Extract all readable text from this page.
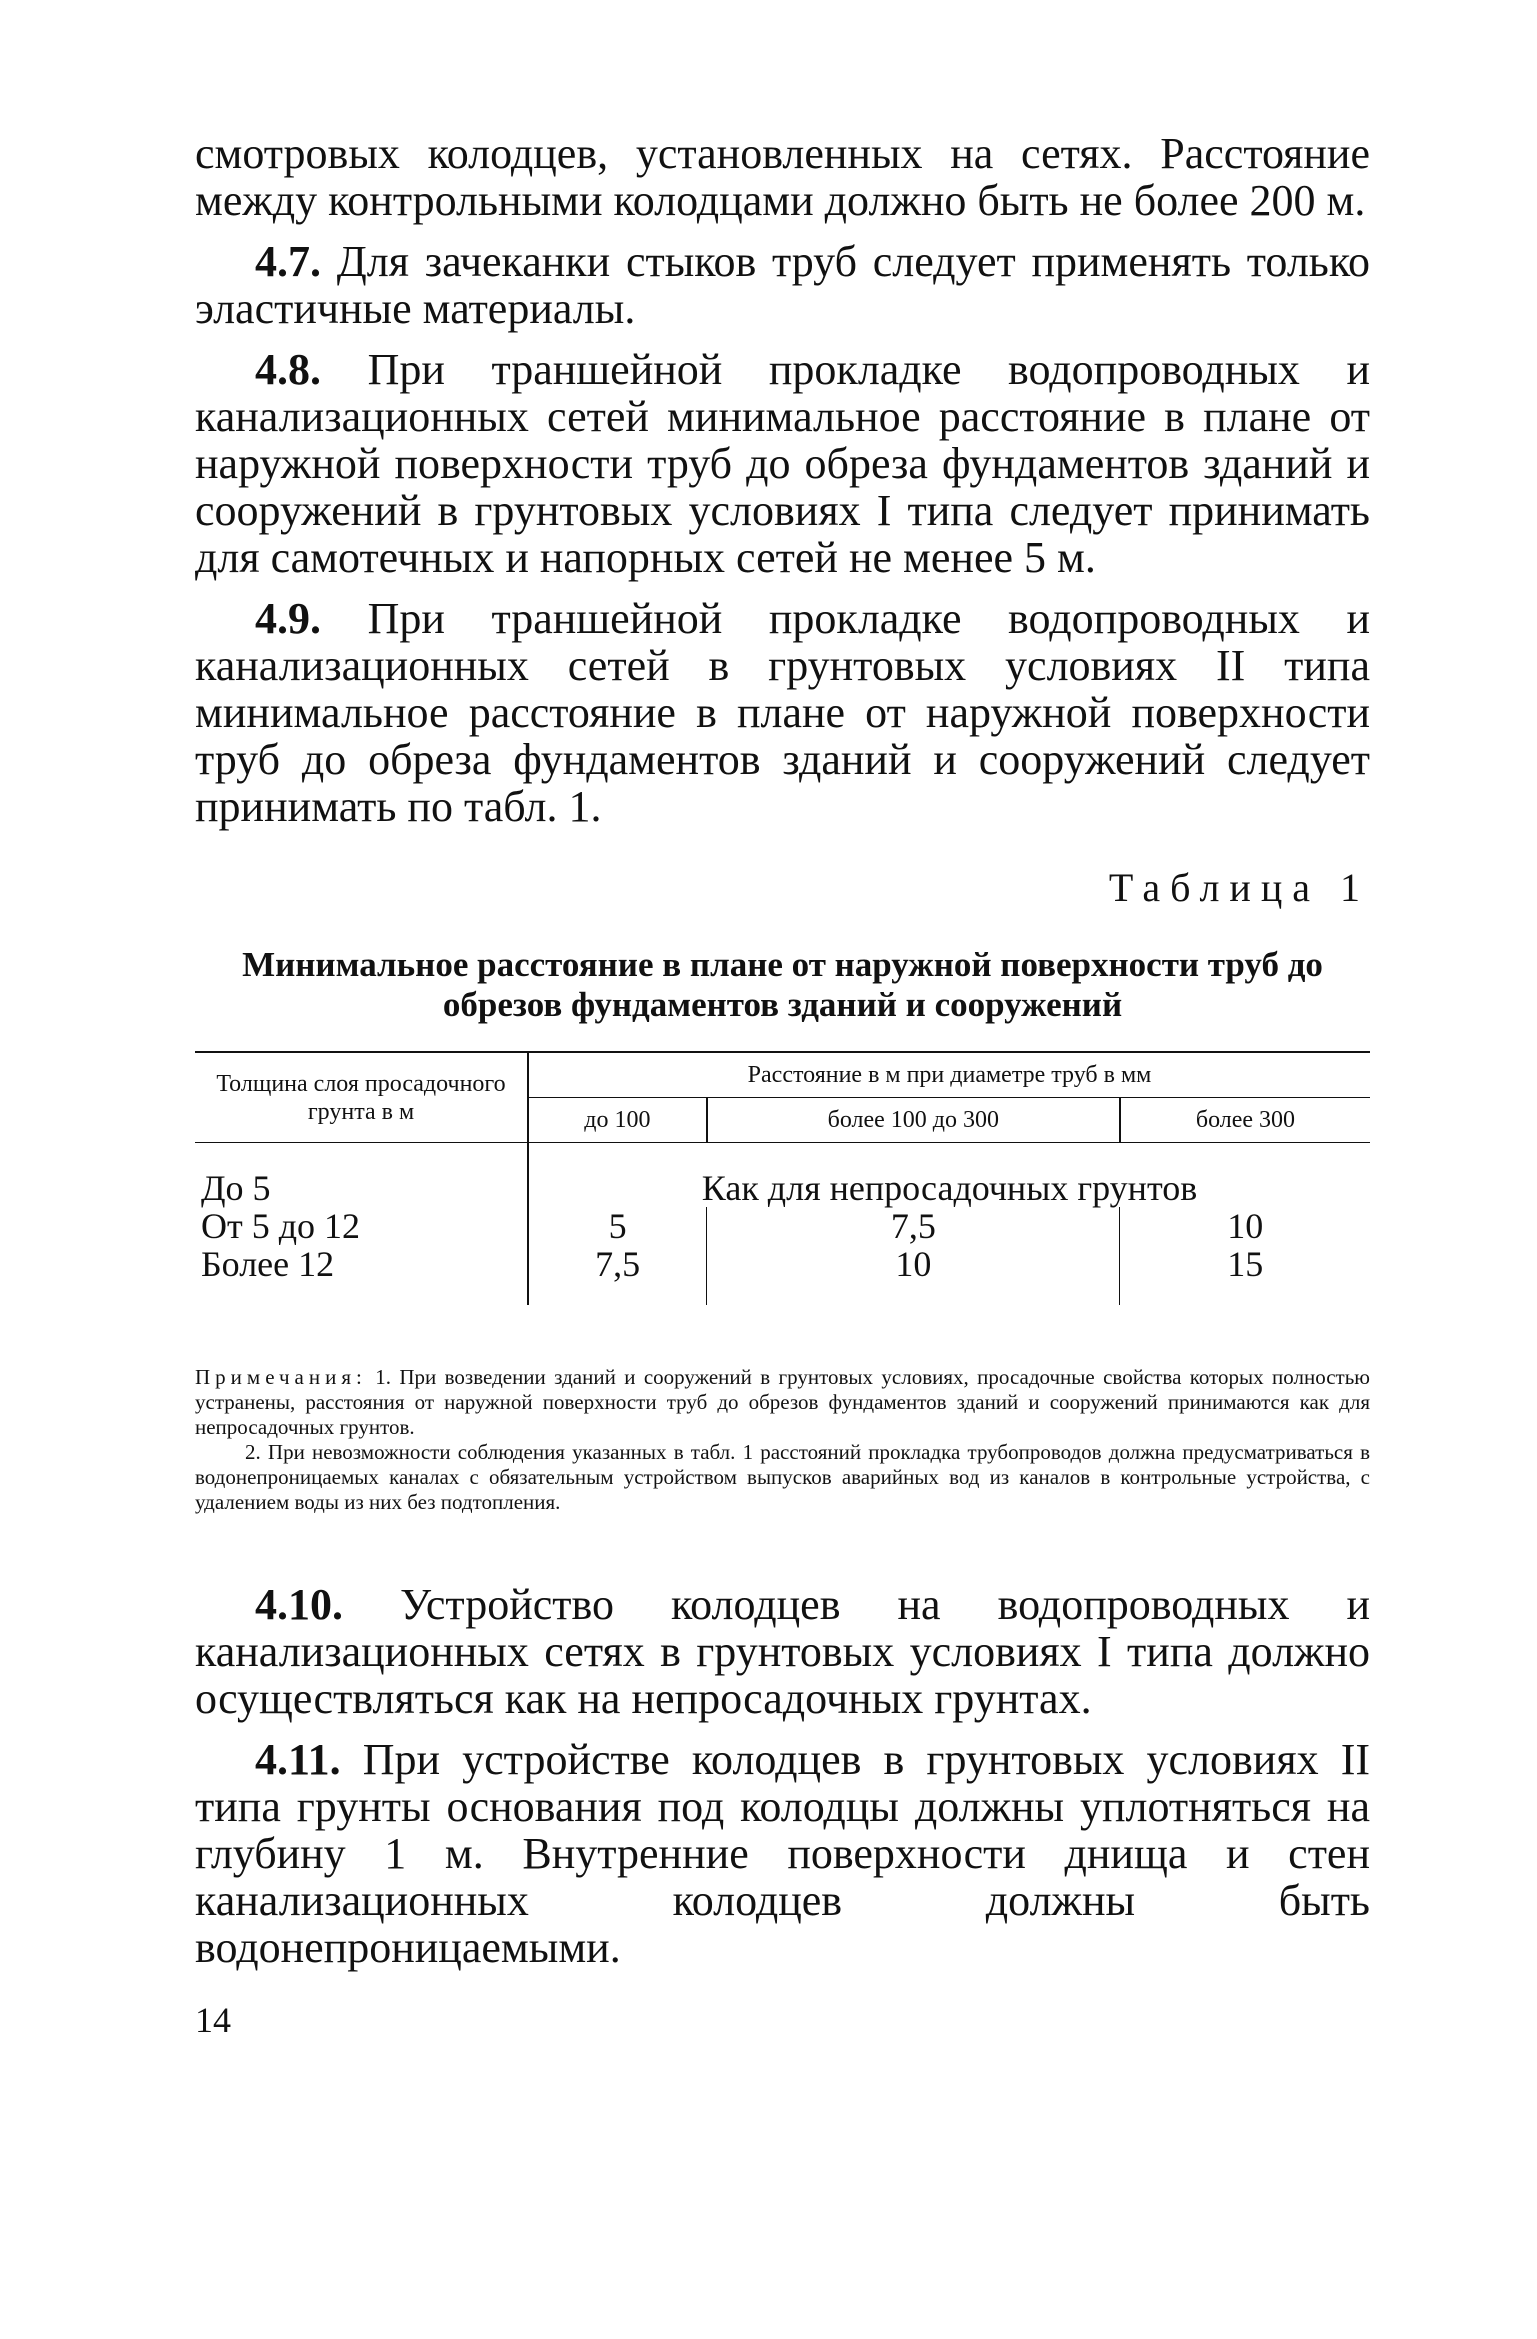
смотровых колодцев, установленных на сетях. Расстояние между контрольными колодцами должно быть не более 200 м.

4.7. Для зачеканки стыков труб следует применять только эластичные материалы.

4.8. При траншейной прокладке водопроводных и канализационных сетей минимальное расстояние в плане от наружной поверхности труб до обреза фундаментов зданий и сооружений в грунтовых условиях I типа следует принимать для самотечных и напорных сетей не менее 5 м.

4.9. При траншейной прокладке водопроводных и канализационных сетей в грунтовых условиях II типа минимальное расстояние в плане от наружной поверхности труб до обреза фундаментов зданий и сооружений следует принимать по табл. 1.

Таблица 1
Минимальное расстояние в плане от наружной поверхности труб до обрезов фундаментов зданий и сооружений
Толщина слоя просадочного грунта в м	Расстояние в м при диаметре труб в мм		
	до 100	более 100 до 300	более 300
До 5	Как для непросадочных грунтов		
От 5 до 12	5	7,5	10
Более 12	7,5	10	15

Примечания: 1. При возведении зданий и сооружений в грунтовых условиях, просадочные свойства которых полностью устранены, расстояния от наружной поверхности труб до обрезов фундаментов зданий и сооружений принимаются как для непросадочных грунтов.

2. При невозможности соблюдения указанных в табл. 1 расстояний прокладка трубопроводов должна предусматриваться в водонепроницаемых каналах с обязательным устройством выпусков аварийных вод из каналов в контрольные устройства, с удалением воды из них без подтопления.

4.10. Устройство колодцев на водопроводных и канализационных сетях в грунтовых условиях I типа должно осуществляться как на непросадочных грунтах.

4.11. При устройстве колодцев в грунтовых условиях II типа грунты основания под колодцы должны уплотняться на глубину 1 м. Внутренние поверхности днища и стен канализационных колодцев должны быть водонепроницаемыми.

14
